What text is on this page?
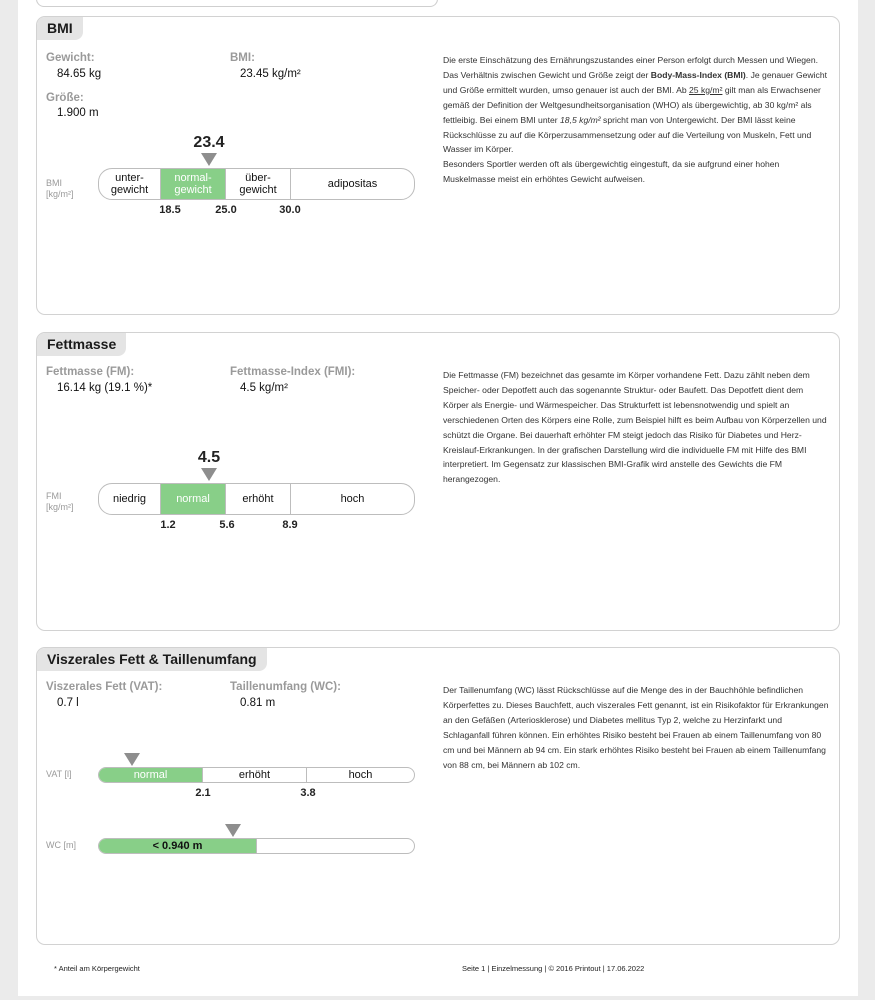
BMI
Gewicht:
84.65 kg
BMI:
23.45 kg/m²
Größe:
1.900 m
23.4
BMI
[kg/m²]
unter-
gewicht
normal-
gewicht
über-
gewicht	adipositas
18.5	25.0	30.0
Die erste Einschätzung des Ernährungszustandes einer Person erfolgt durch Messen und Wiegen. Das Verhältnis zwischen Gewicht und Größe zeigt der Body-Mass-Index (BMI). Je genauer Gewicht und Größe ermittelt wurden, umso genauer ist auch der BMI. Ab 25 kg/m² gilt man als Erwachsener gemäß der Definition der Weltgesundheitsorganisation (WHO) als übergewichtig, ab 30 kg/m² als fettleibig. Bei einem BMI unter 18,5 kg/m² spricht man von Untergewicht. Der BMI lässt keine Rückschlüsse zu auf die Körperzusammensetzung oder auf die Verteilung von Muskeln, Fett und Wasser im Körper.
Besonders Sportler werden oft als übergewichtig eingestuft, da sie aufgrund einer hohen Muskelmasse meist ein erhöhtes Gewicht aufweisen.
Fettmasse
Fettmasse (FM):
16.14 kg (19.1 %)*
Fettmasse-Index (FMI):
4.5 kg/m²
4.5
FMI
[kg/m²]
niedrig	normal	erhöht	hoch
1.2	5.6	8.9
Die Fettmasse (FM) bezeichnet das gesamte im Körper vorhandene Fett. Dazu zählt neben dem Speicher- oder Depotfett auch das sogenannte Struktur- oder Baufett. Das Depotfett dient dem Körper als Energie- und Wärmespeicher. Das Strukturfett ist lebensnotwendig und spielt an verschiedenen Orten des Körpers eine Rolle, zum Beispiel hilft es beim Aufbau von Körperzellen und schützt die Organe. Bei dauerhaft erhöhter FM steigt jedoch das Risiko für Diabetes und Herz-Kreislauf-Erkrankungen. In der grafischen Darstellung wird die individuelle FM mit Hilfe des BMI interpretiert. Im Gegensatz zur klassischen BMI-Grafik wird anstelle des Gewichts die FM herangezogen.
Viszerales Fett & Taillenumfang
Viszerales Fett (VAT):
0.7 l
Taillenumfang (WC):
0.81 m
VAT [l]	normal	erhöht	hoch
2.1	3.8
WC [m]	< 0.940 m
Der Taillenumfang (WC) lässt Rückschlüsse auf die Menge des in der Bauchhöhle befindlichen Körperfettes zu. Dieses Bauchfett, auch viszerales Fett genannt, ist ein Risikofaktor für Erkrankungen an den Gefäßen (Arteriosklerose) und Diabetes mellitus Typ 2, welche zu Herzinfarkt und Schlaganfall führen können. Ein erhöhtes Risiko besteht bei Frauen ab einem Taillenumfang von 80 cm und bei Männern ab 94 cm. Ein stark erhöhtes Risiko besteht bei Frauen ab einem Taillenumfang von 88 cm, bei Männern ab 102 cm.
* Anteil am Körpergewicht	Seite 1 | Einzelmessung | © 2016 Printout | 17.06.2022
